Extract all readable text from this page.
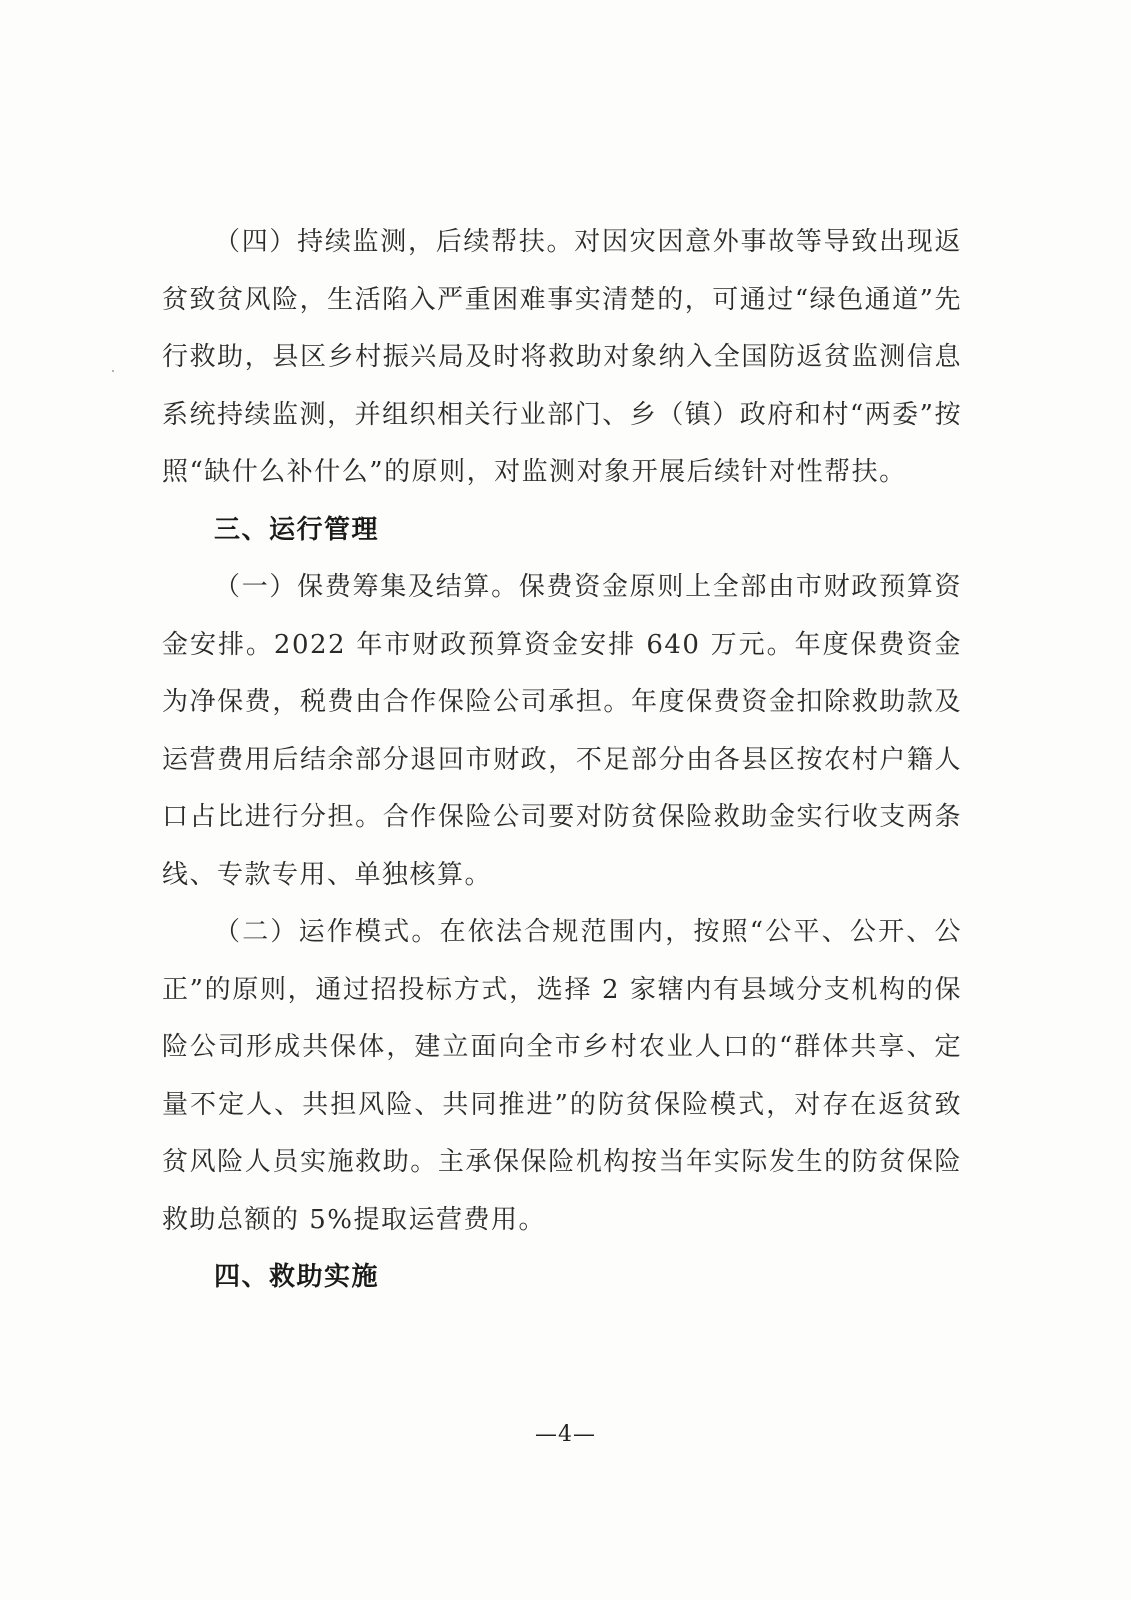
（四）持续监测，后续帮扶。对因灾因意外事故等导致出现返贫致贫风险，生活陷入严重困难事实清楚的，可通过“绿色通道”先行救助，县区乡村振兴局及时将救助对象纳入全国防返贫监测信息系统持续监测，并组织相关行业部门、乡（镇）政府和村“两委”按照“缺什么补什么”的原则，对监测对象开展后续针对性帮扶。

三、运行管理

（一）保费筹集及结算。保费资金原则上全部由市财政预算资金安排。2022 年市财政预算资金安排 640 万元。年度保费资金为净保费，税费由合作保险公司承担。年度保费资金扣除救助款及运营费用后结余部分退回市财政，不足部分由各县区按农村户籍人口占比进行分担。合作保险公司要对防贫保险救助金实行收支两条线、专款专用、单独核算。

（二）运作模式。在依法合规范围内，按照“公平、公开、公正”的原则，通过招投标方式，选择 2 家辖内有县域分支机构的保险公司形成共保体，建立面向全市乡村农业人口的“群体共享、定量不定人、共担风险、共同推进”的防贫保险模式，对存在返贫致贫风险人员实施救助。主承保保险机构按当年实际发生的防贫保险救助总额的 5%提取运营费用。

四、救助实施

—4—
